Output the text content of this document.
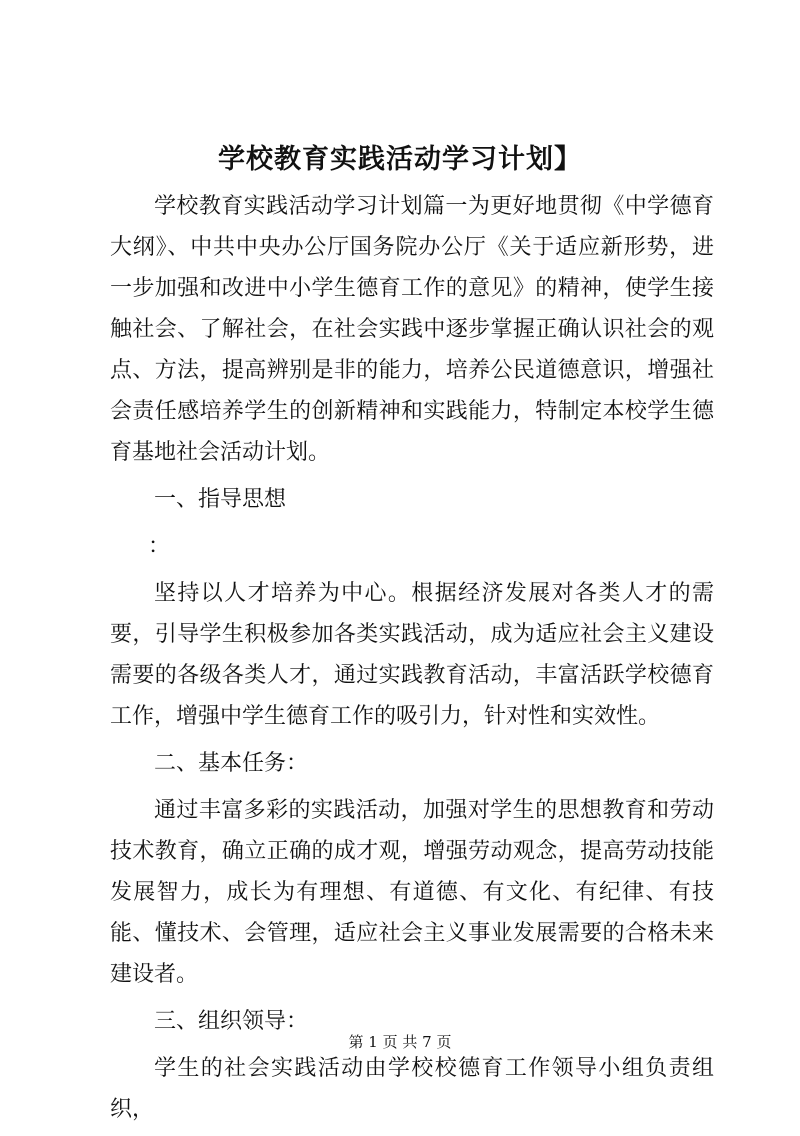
学校教育实践活动学习计划】

学校教育实践活动学习计划篇一为更好地贯彻《中学德育大纲》、中共中央办公厅国务院办公厅《关于适应新形势，进一步加强和改进中小学生德育工作的意见》的精神，使学生接触社会、了解社会，在社会实践中逐步掌握正确认识社会的观点、方法，提高辨别是非的能力，培养公民道德意识，增强社会责任感培养学生的创新精神和实践能力，特制定本校学生德育基地社会活动计划。

一、指导思想

：

坚持以人才培养为中心。根据经济发展对各类人才的需要，引导学生积极参加各类实践活动，成为适应社会主义建设需要的各级各类人才，通过实践教育活动，丰富活跃学校德育工作，增强中学生德育工作的吸引力，针对性和实效性。

二、基本任务：

通过丰富多彩的实践活动，加强对学生的思想教育和劳动技术教育，确立正确的成才观，增强劳动观念，提高劳动技能发展智力，成长为有理想、有道德、有文化、有纪律、有技能、懂技术、会管理，适应社会主义事业发展需要的合格未来建设者。

三、组织领导：

学生的社会实践活动由学校校德育工作领导小组负责组织，

第 1 页 共 7 页
